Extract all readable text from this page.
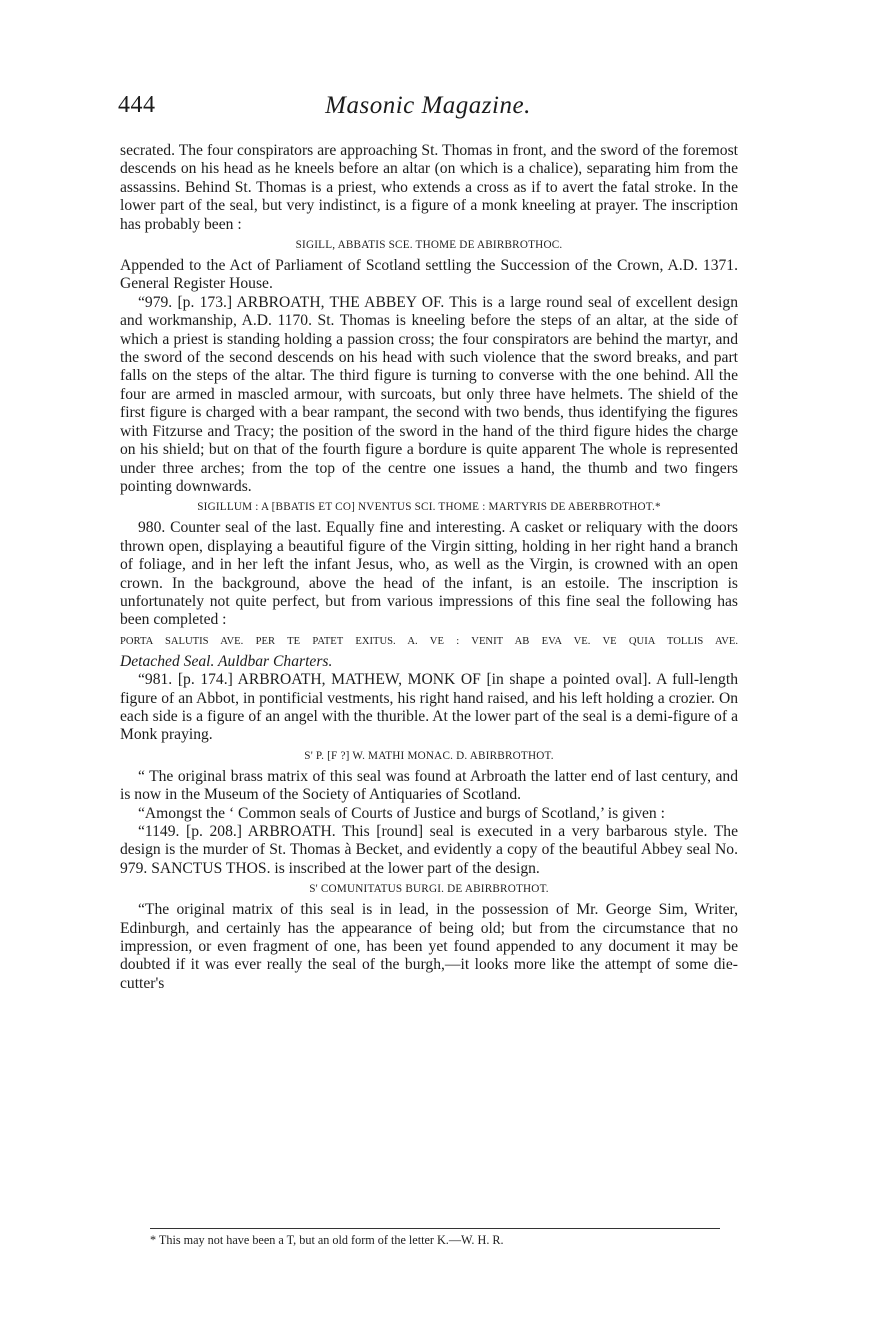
444	Masonic Magazine.

secrated. The four conspirators are approaching St. Thomas in front, and the sword of the foremost descends on his head as he kneels before an altar (on which is a chalice), separating him from the assassins. Behind St. Thomas is a priest, who extends a cross as if to avert the fatal stroke. In the lower part of the seal, but very indistinct, is a figure of a monk kneeling at prayer. The inscription has probably been :

SIGILL, ABBATIS SCE. THOME DE ABIRBROTHOC.

Appended to the Act of Parliament of Scotland settling the Succession of the Crown, A.D. 1371. General Register House.

“979. [p. 173.] ARBROATH, THE ABBEY OF. This is a large round seal of excellent design and workmanship, A.D. 1170. St. Thomas is kneeling before the steps of an altar, at the side of which a priest is standing holding a passion cross; the four conspirators are behind the martyr, and the sword of the second descends on his head with such violence that the sword breaks, and part falls on the steps of the altar. The third figure is turning to converse with the one behind. All the four are armed in mascled armour, with surcoats, but only three have helmets. The shield of the first figure is charged with a bear rampant, the second with two bends, thus identifying the figures with Fitzurse and Tracy; the position of the sword in the hand of the third figure hides the charge on his shield; but on that of the fourth figure a bordure is quite apparent The whole is represented under three arches; from the top of the centre one issues a hand, the thumb and two fingers pointing downwards.

SIGILLUM : A [BBATIS ET CO] NVENTUS SCI. THOME : MARTYRIS DE ABERBROTHOT.*

980. Counter seal of the last. Equally fine and interesting. A casket or reliquary with the doors thrown open, displaying a beautiful figure of the Virgin sitting, holding in her right hand a branch of foliage, and in her left the infant Jesus, who, as well as the Virgin, is crowned with an open crown. In the background, above the head of the infant, is an estoile. The inscription is unfortunately not quite perfect, but from various impressions of this fine seal the following has been completed :

PORTA SALUTIS AVE. PER TE PATET EXITUS. A. VE : VENIT AB EVA VE. VE QUIA TOLLIS AVE.

Detached Seal. Auldbar Charters.

“981. [p. 174.] ARBROATH, MATHEW, MONK OF [in shape a pointed oval]. A full-length figure of an Abbot, in pontificial vestments, his right hand raised, and his left holding a crozier. On each side is a figure of an angel with the thurible. At the lower part of the seal is a demi-figure of a Monk praying.

S' P. [F ?] W. MATHI MONAC. D. ABIRBROTHOT.

“ The original brass matrix of this seal was found at Arbroath the latter end of last century, and is now in the Museum of the Society of Antiquaries of Scotland.

“Amongst the ‘ Common seals of Courts of Justice and burgs of Scotland,’ is given :

“1149. [p. 208.] ARBROATH. This [round] seal is executed in a very barbarous style. The design is the murder of St. Thomas à Becket, and evidently a copy of the beautiful Abbey seal No. 979. SANCTUS THOS. is inscribed at the lower part of the design.

S' COMUNITATUS BURGI. DE ABIRBROTHOT.

“The original matrix of this seal is in lead, in the possession of Mr. George Sim, Writer, Edinburgh, and certainly has the appearance of being old; but from the circumstance that no impression, or even fragment of one, has been yet found appended to any document it may be doubted if it was ever really the seal of the burgh,—it looks more like the attempt of some die-cutter's

* This may not have been a T, but an old form of the letter K.—W. H. R.
